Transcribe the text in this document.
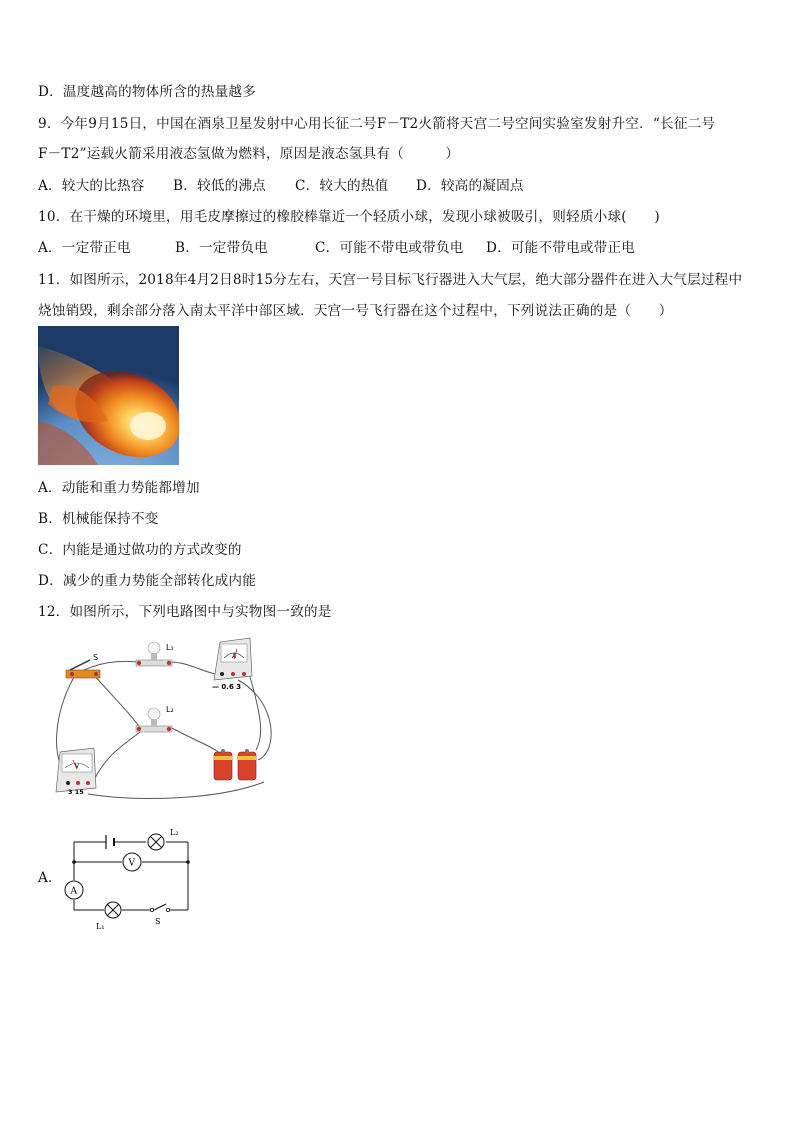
D．温度越高的物体所含的热量越多
9．今年9月15日，中国在酒泉卫星发射中心用长征二号F－T2火箭将天宫二号空间实验室发射升空．“长征二号
F－T2”运载火箭采用液态氢做为燃料，原因是液态氢具有（　　　）
A．较大的比热容 B．较低的沸点 C．较大的热值 D．较高的凝固点
10．在干燥的环境里，用毛皮摩擦过的橡胶棒靠近一个轻质小球，发现小球被吸引，则轻质小球(　　)
A．一定带正电	B．一定带负电	C．可能不带电或带负电 D．可能不带电或带正电
11．如图所示，2018年4月2日8时15分左右，天宫一号目标飞行器进入大气层，绝大部分器件在进入大气层过程中
烧蚀销毁，剩余部分落入南太平洋中部区域．天宫一号飞行器在这个过程中，下列说法正确的是（　　）
A．动能和重力势能都增加
B．机械能保持不变
C．内能是通过做功的方式改变的
D．减少的重力势能全部转化成内能
12．如图所示，下列电路图中与实物图一致的是
S
L₁
A
— 0.6 3
L₂
V
3 15
A．
L₂
V
A
L₁
S
